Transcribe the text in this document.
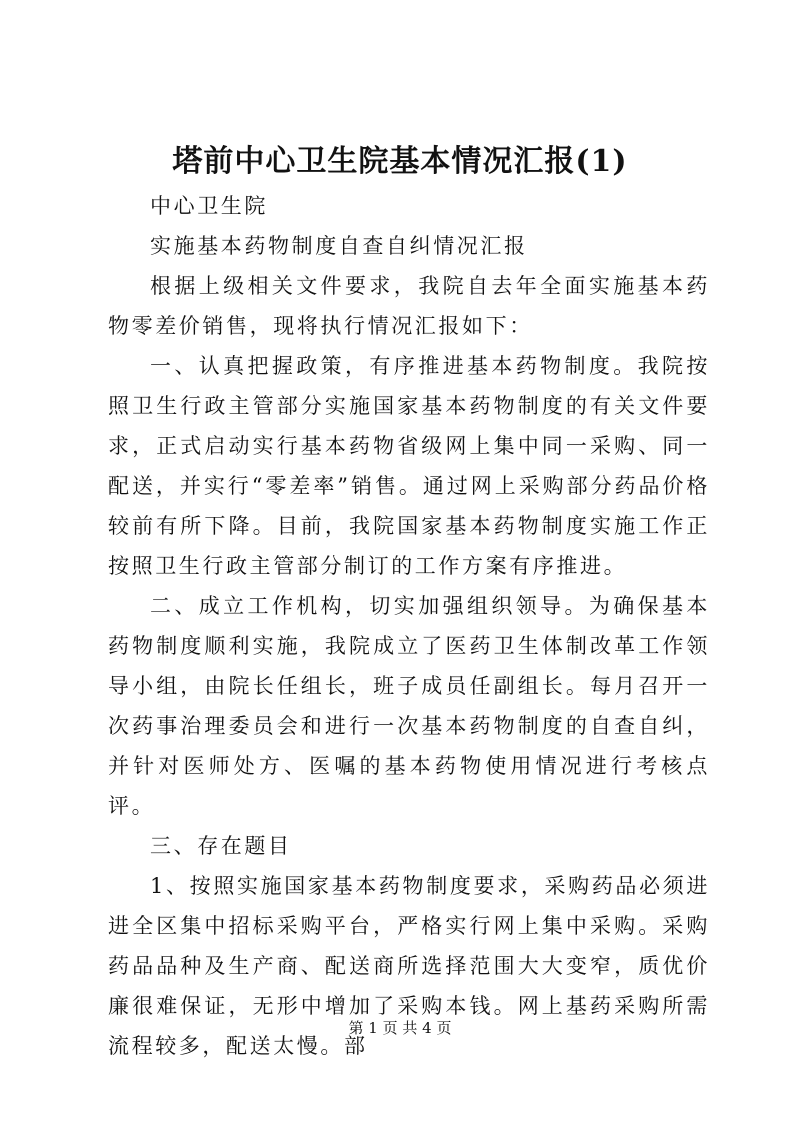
塔前中心卫生院基本情况汇报(1)

中心卫生院

实施基本药物制度自查自纠情况汇报

根据上级相关文件要求，我院自去年全面实施基本药物零差价销售，现将执行情况汇报如下：

一、认真把握政策，有序推进基本药物制度。我院按照卫生行政主管部分实施国家基本药物制度的有关文件要求，正式启动实行基本药物省级网上集中同一采购、同一配送，并实行“零差率”销售。通过网上采购部分药品价格较前有所下降。目前，我院国家基本药物制度实施工作正按照卫生行政主管部分制订的工作方案有序推进。

二、成立工作机构，切实加强组织领导。为确保基本药物制度顺利实施，我院成立了医药卫生体制改革工作领导小组，由院长任组长，班子成员任副组长。每月召开一次药事治理委员会和进行一次基本药物制度的自查自纠，并针对医师处方、医嘱的基本药物使用情况进行考核点评。

三、存在题目

1、按照实施国家基本药物制度要求，采购药品必须进进全区集中招标采购平台，严格实行网上集中采购。采购药品品种及生产商、配送商所选择范围大大变窄，质优价廉很难保证，无形中增加了采购本钱。网上基药采购所需流程较多，配送太慢。部

第 1 页 共 4 页
